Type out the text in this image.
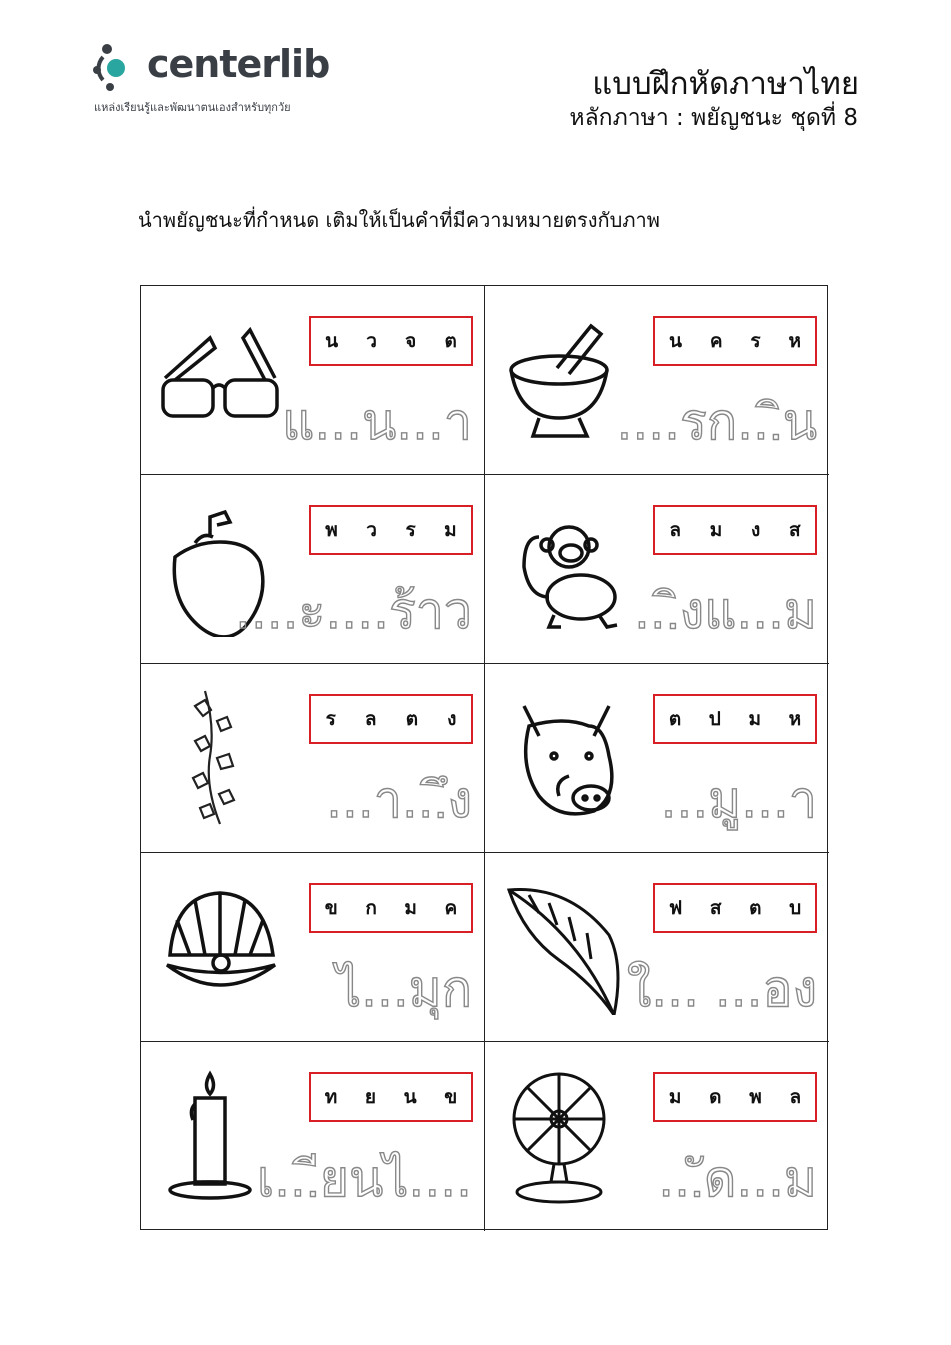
centerlib
แหล่งเรียนรู้และพัฒนาตนเองสำหรับทุกวัย
แบบฝึกหัดภาษาไทย
หลักภาษา : พยัญชนะ ชุดที่ 8
นำพยัญชนะที่กำหนด เติมให้เป็นคำที่มีความหมายตรงกับภาพ
น ว จ ต
แ...น...า
น ค ร ห
....รก...ิน
พ ว ร ม
....ะ....ร้าว
ล ม ง ส
...ิงแ...ม
ร ล ต ง
...า...ึง
ต ป ม ห
...มู...า
ข ก ม ค
ไ...มุก
ฟ ส ต บ
ใ... ...อง
ท ย น ข
เ...ียนไ....
ม ด พ ล
...ัด...ม
